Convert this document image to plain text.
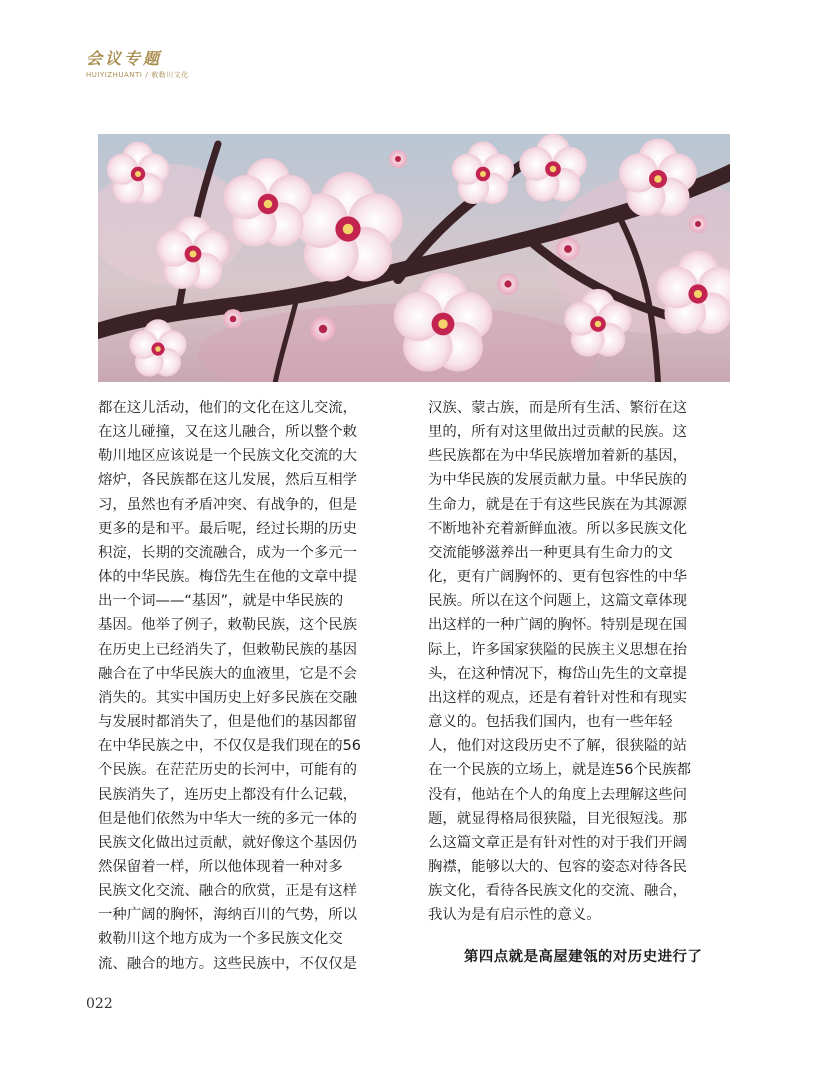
会议专题
HUIYIZHUANTI / 敕勒川文化
都在这儿活动，他们的文化在这儿交流，
在这儿碰撞，又在这儿融合，所以整个敕
勒川地区应该说是一个民族文化交流的大
熔炉，各民族都在这儿发展，然后互相学
习，虽然也有矛盾冲突、有战争的，但是
更多的是和平。最后呢，经过长期的历史
积淀，长期的交流融合，成为一个多元一
体的中华民族。梅岱先生在他的文章中提
出一个词——“基因”，就是中华民族的
基因。他举了例子，敕勒民族，这个民族
在历史上已经消失了，但敕勒民族的基因
融合在了中华民族大的血液里，它是不会
消失的。其实中国历史上好多民族在交融
与发展时都消失了，但是他们的基因都留
在中华民族之中，不仅仅是我们现在的56
个民族。在茫茫历史的长河中，可能有的
民族消失了，连历史上都没有什么记载，
但是他们依然为中华大一统的多元一体的
民族文化做出过贡献，就好像这个基因仍
然保留着一样，所以他体现着一种对多
民族文化交流、融合的欣赏，正是有这样
一种广阔的胸怀，海纳百川的气势，所以
敕勒川这个地方成为一个多民族文化交
流、融合的地方。这些民族中，不仅仅是
汉族、蒙古族，而是所有生活、繁衍在这
里的，所有对这里做出过贡献的民族。这
些民族都在为中华民族增加着新的基因，
为中华民族的发展贡献力量。中华民族的
生命力，就是在于有这些民族在为其源源
不断地补充着新鲜血液。所以多民族文化
交流能够滋养出一种更具有生命力的文
化，更有广阔胸怀的、更有包容性的中华
民族。所以在这个问题上，这篇文章体现
出这样的一种广阔的胸怀。特别是现在国
际上，许多国家狭隘的民族主义思想在抬
头，在这种情况下，梅岱山先生的文章提
出这样的观点，还是有着针对性和有现实
意义的。包括我们国内，也有一些年轻
人，他们对这段历史不了解，很狭隘的站
在一个民族的立场上，就是连56个民族都
没有，他站在个人的角度上去理解这些问
题，就显得格局很狭隘，目光很短浅。那
么这篇文章正是有针对性的对于我们开阔
胸襟，能够以大的、包容的姿态对待各民
族文化，看待各民族文化的交流、融合，
我认为是有启示性的意义。
第四点就是高屋建瓴的对历史进行了
022
